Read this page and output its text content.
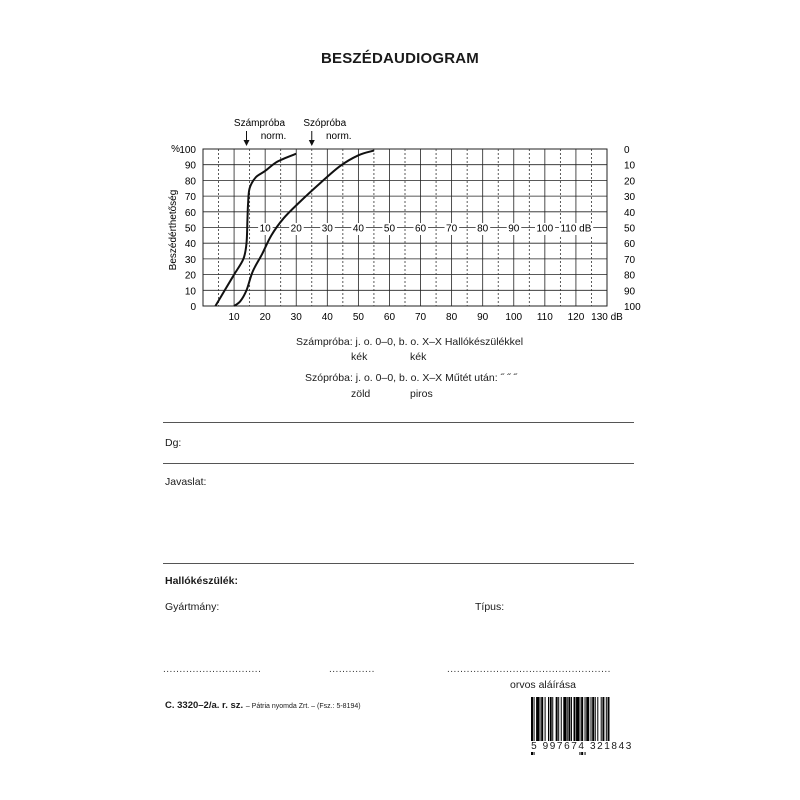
BESZÉDAUDIOGRAM
0
10
20
30
40
50
60
70
80
90
100	0
10
20
30
40
50
60
70
80
90
100
10 20 30 40 50 60 70 80 90 100 110 120 130 dB
10 20 30 40 50 60 70 80 90 100 110 dB
Számpróba
norm.
Szópróba
norm.
%
Beszédérthetőség
Számpróba: j. o. 0–0, b. o. X–X Hallókészülékkel
kék	kék
Szópróba: j. o. 0–0, b. o. X–X Műtét után: ˝ ˝ ˝
zöld	piros
Dg:
Javaslat:
Hallókészülék:
Gyártmány:	Típus:
..............................	..............	..................................................
orvos aláírása
C. 3320–2/a. r. sz. – Pátria nyomda Zrt. – (Fsz.: 5-8194)
5 997674 321843
